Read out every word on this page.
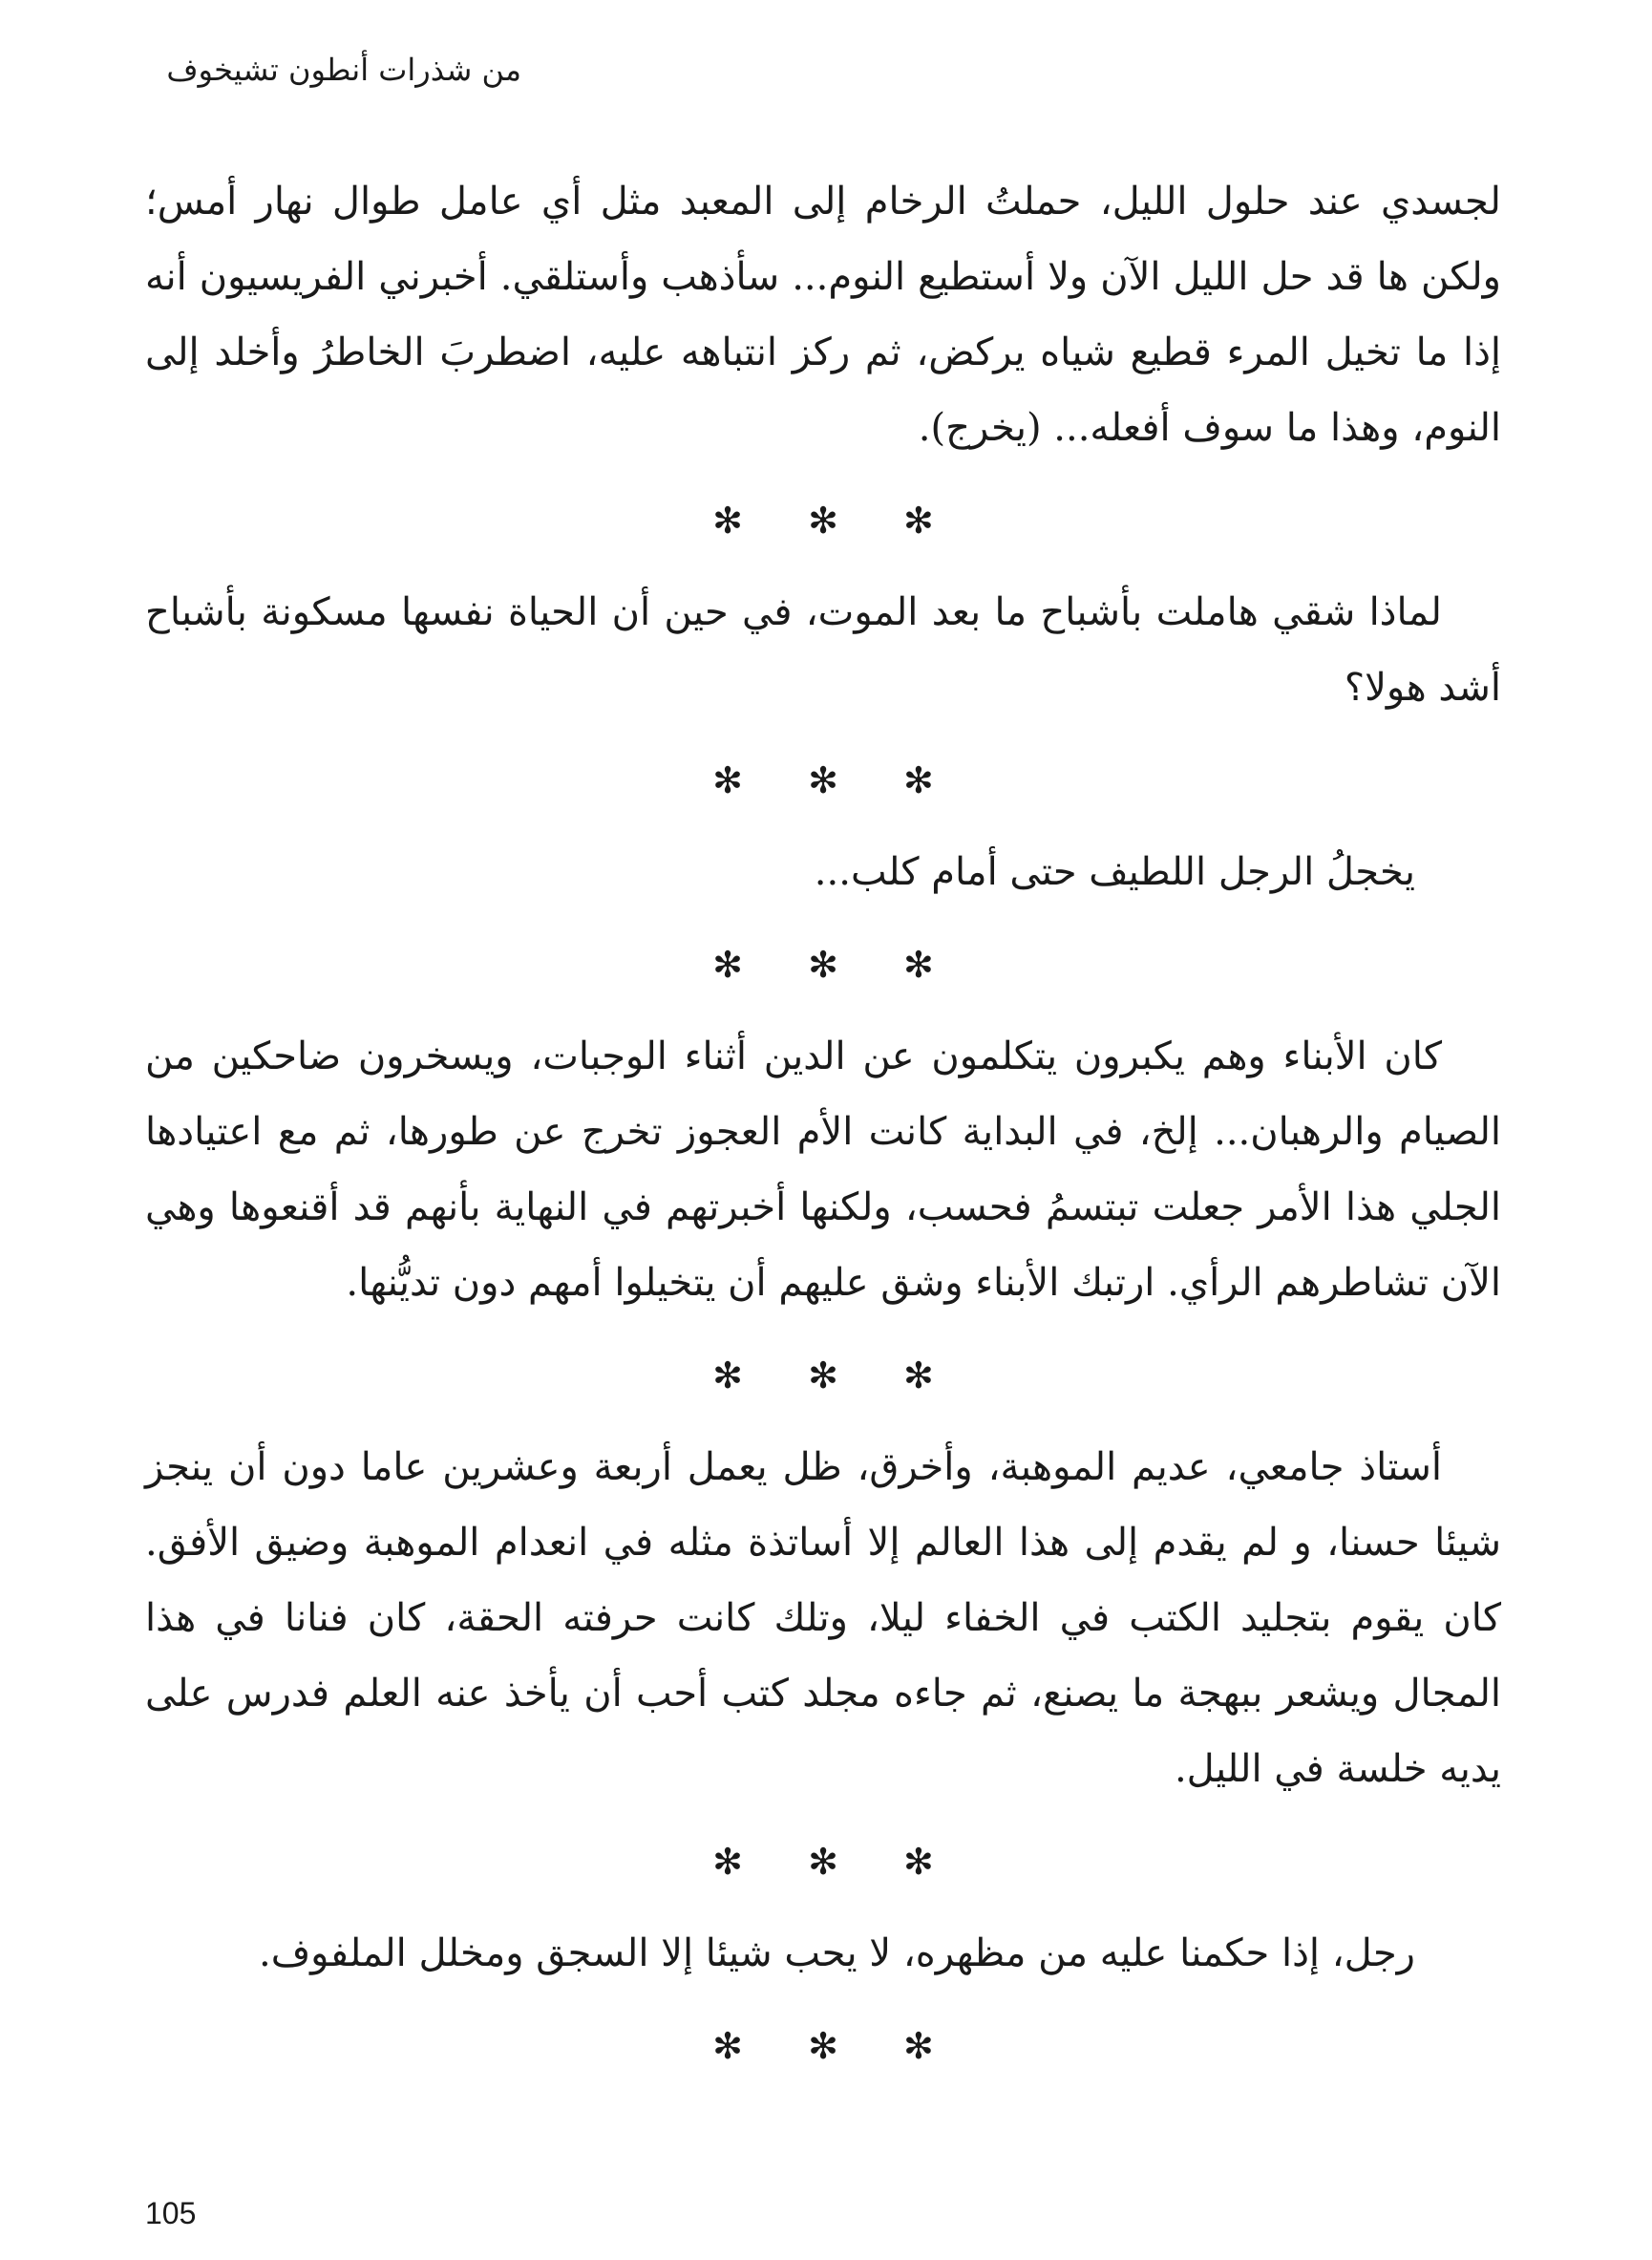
من شذرات أنطون تشيخوف

لجسدي عند حلول الليل، حملتُ الرخام إلى المعبد مثل أي عامل طوال نهار أمس؛ ولكن ها قد حل الليل الآن ولا أستطيع النوم... سأذهب وأستلقي. أخبرني الفريسيون أنه إذا ما تخيل المرء قطيع شياه يركض، ثم ركز انتباهه عليه، اضطربَ الخاطرُ وأخلد إلى النوم، وهذا ما سوف أفعله... (يخرج).

✻ ✻ ✻

لماذا شقي هاملت بأشباح ما بعد الموت، في حين أن الحياة نفسها مسكونة بأشباح أشد هولا؟

✻ ✻ ✻

يخجلُ الرجل اللطيف حتى أمام كلب...

✻ ✻ ✻

كان الأبناء وهم يكبرون يتكلمون عن الدين أثناء الوجبات، ويسخرون ضاحكين من الصيام والرهبان... إلخ، في البداية كانت الأم العجوز تخرج عن طورها، ثم مع اعتيادها الجلي هذا الأمر جعلت تبتسمُ فحسب، ولكنها أخبرتهم في النهاية بأنهم قد أقنعوها وهي الآن تشاطرهم الرأي. ارتبك الأبناء وشق عليهم أن يتخيلوا أمهم دون تديُّنها.

✻ ✻ ✻

أستاذ جامعي، عديم الموهبة، وأخرق، ظل يعمل أربعة وعشرين عاما دون أن ينجز شيئا حسنا، و لم يقدم إلى هذا العالم إلا أساتذة مثله في انعدام الموهبة وضيق الأفق. كان يقوم بتجليد الكتب في الخفاء ليلا، وتلك كانت حرفته الحقة، كان فنانا في هذا المجال ويشعر ببهجة ما يصنع، ثم جاءه مجلد كتب أحب أن يأخذ عنه العلم فدرس على يديه خلسة في الليل.

✻ ✻ ✻

رجل، إذا حكمنا عليه من مظهره، لا يحب شيئا إلا السجق ومخلل الملفوف.

✻ ✻ ✻

105
